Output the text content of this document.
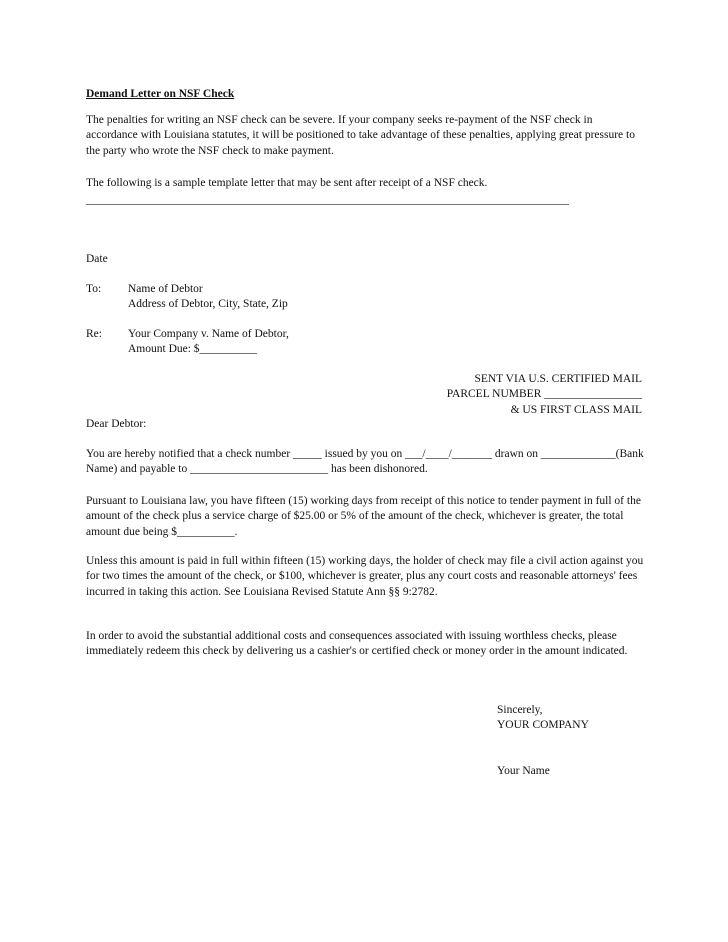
Demand Letter on NSF Check

The penalties for writing an NSF check can be severe. If your company seeks re-payment of the NSF check in accordance with Louisiana statutes, it will be positioned to take advantage of these penalties, applying great pressure to the party who wrote the NSF check to make payment.

The following is a sample template letter that may be sent after receipt of a NSF check.

____________________________________________________________________________________
Date
To:	Name of Debtor
Address of Debtor, City, State, Zip
Re:	Your Company v. Name of Debtor,
Amount Due: $__________
SENT VIA U.S. CERTIFIED MAIL
PARCEL NUMBER _________________
& US FIRST CLASS MAIL
Dear Debtor:

You are hereby notified that a check number _____ issued by you on ___/____/_______ drawn on _____________(Bank Name) and payable to ________________________ has been dishonored.

Pursuant to Louisiana law, you have fifteen (15) working days from receipt of this notice to tender payment in full of the amount of the check plus a service charge of $25.00 or 5% of the amount of the check, whichever is greater, the total amount due being $__________.

Unless this amount is paid in full within fifteen (15) working days, the holder of check may file a civil action against you for two times the amount of the check, or $100, whichever is greater, plus any court costs and reasonable attorneys' fees incurred in taking this action. See Louisiana Revised Statute Ann §§ 9:2782.

In order to avoid the substantial additional costs and consequences associated with issuing worthless checks, please immediately redeem this check by delivering us a cashier's or certified check or money order in the amount indicated.

Sincerely,
YOUR COMPANY
Your Name
